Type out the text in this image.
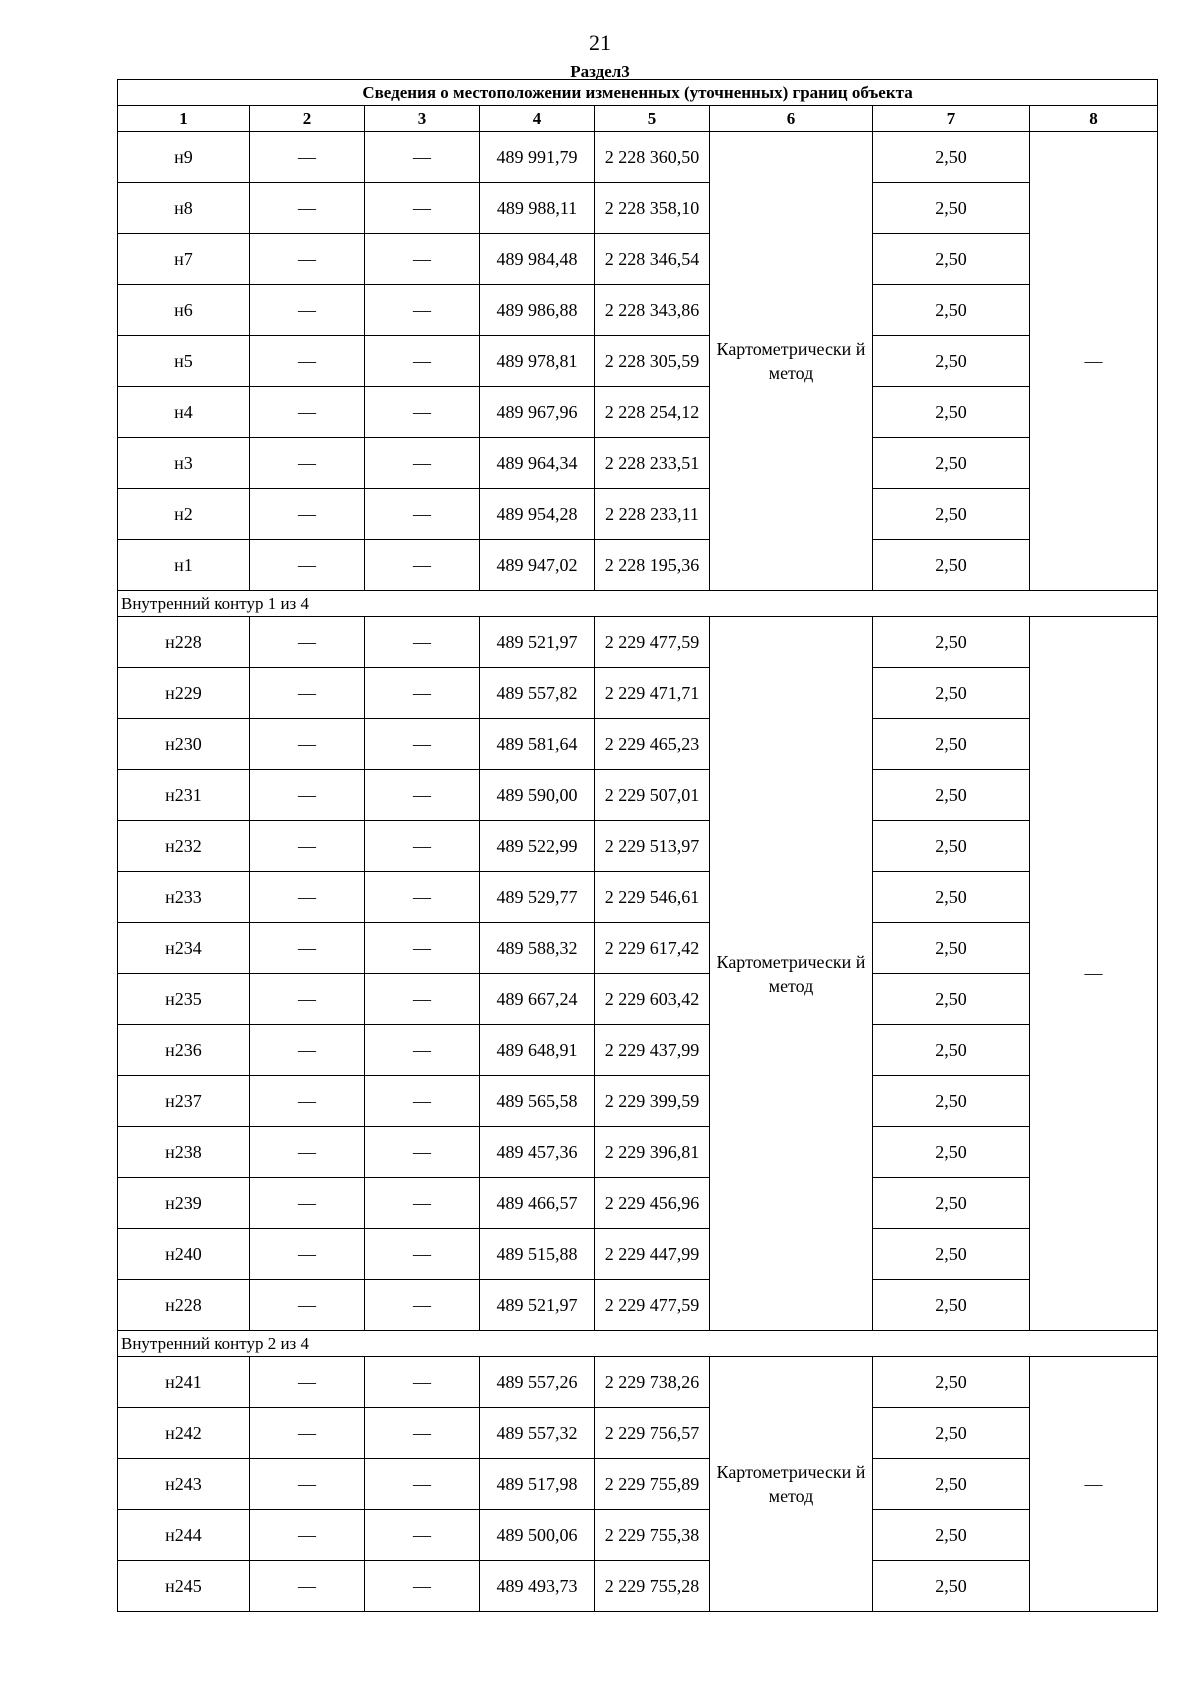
21
Раздел3
Сведения о местоположении измененных (уточненных) границ объекта							
1	2	3	4	5	6	7	8
н9	—	—	489 991,79	2 228 360,50	Картометрически й метод	2,50	—
н8	—	—	489 988,11	2 228 358,10		2,50	
н7	—	—	489 984,48	2 228 346,54		2,50	
н6	—	—	489 986,88	2 228 343,86		2,50	
н5	—	—	489 978,81	2 228 305,59		2,50	
н4	—	—	489 967,96	2 228 254,12		2,50	
н3	—	—	489 964,34	2 228 233,51		2,50	
н2	—	—	489 954,28	2 228 233,11		2,50	
н1	—	—	489 947,02	2 228 195,36		2,50	
Внутренний контур 1 из 4							
н228	—	—	489 521,97	2 229 477,59	Картометрически й метод	2,50	—
н229	—	—	489 557,82	2 229 471,71		2,50	
н230	—	—	489 581,64	2 229 465,23		2,50	
н231	—	—	489 590,00	2 229 507,01		2,50	
н232	—	—	489 522,99	2 229 513,97		2,50	
н233	—	—	489 529,77	2 229 546,61		2,50	
н234	—	—	489 588,32	2 229 617,42		2,50	
н235	—	—	489 667,24	2 229 603,42		2,50	
н236	—	—	489 648,91	2 229 437,99		2,50	
н237	—	—	489 565,58	2 229 399,59		2,50	
н238	—	—	489 457,36	2 229 396,81		2,50	
н239	—	—	489 466,57	2 229 456,96		2,50	
н240	—	—	489 515,88	2 229 447,99		2,50	
н228	—	—	489 521,97	2 229 477,59		2,50	
Внутренний контур 2 из 4							
н241	—	—	489 557,26	2 229 738,26	Картометрически й метод	2,50	—
н242	—	—	489 557,32	2 229 756,57		2,50	
н243	—	—	489 517,98	2 229 755,89		2,50	
н244	—	—	489 500,06	2 229 755,38		2,50	
н245	—	—	489 493,73	2 229 755,28		2,50	
